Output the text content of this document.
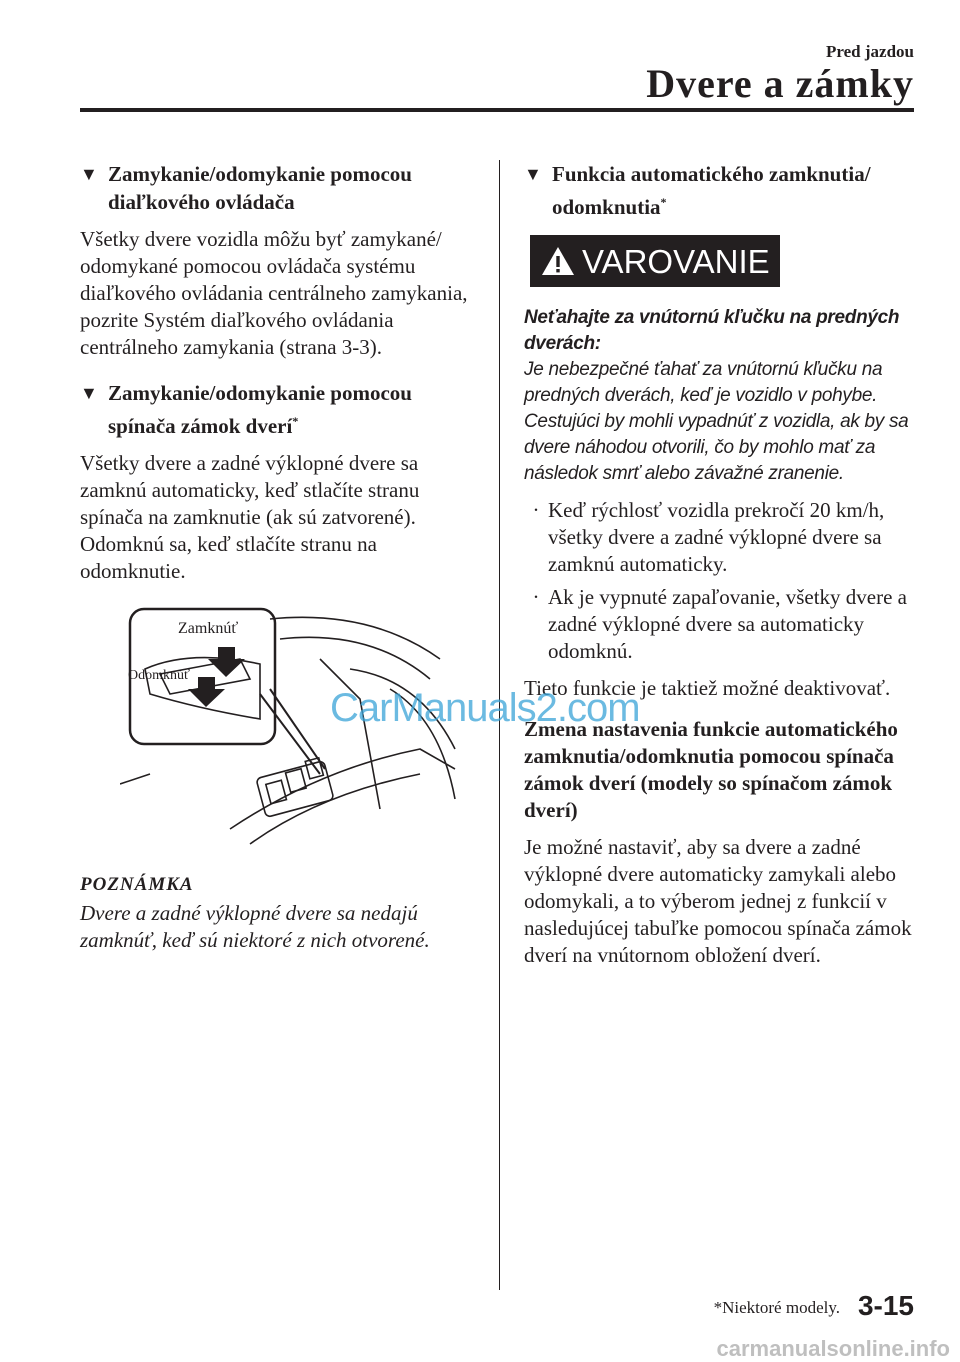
Pred jazdou
Dvere a zámky
▼ Zamykanie/odomykanie pomocou
diaľkového ovládača
Všetky dvere vozidla môžu byť zamykané/ odomykané pomocou ovládača systému diaľkového ovládania centrálneho zamykania, pozrite Systém diaľkového ovládania centrálneho zamykania (strana 3-3).
▼ Zamykanie/odomykanie pomocou
spínača zámok dverí*
Všetky dvere a zadné výklopné dvere sa zamknú automaticky, keď stlačíte stranu spínača na zamknutie (ak sú zatvorené). Odomknú sa, keď stlačíte stranu na odomknutie.
Zamknúť
Odomknúť
POZNÁMKA
Dvere a zadné výklopné dvere sa nedajú zamknúť, keď sú niektoré z nich otvorené.
▼ Funkcia automatického zamknutia/
odomknutia*
VAROVANIE
Neťahajte za vnútornú kľučku na predných dverách:
Je nebezpečné ťahať za vnútornú kľučku na predných dverách, keď je vozidlo v pohybe. Cestujúci by mohli vypadnúť z vozidla, ak by sa dvere náhodou otvorili, čo by mohlo mať za následok smrť alebo závažné zranenie.
· Keď rýchlosť vozidla prekročí 20 km/h, všetky dvere a zadné výklopné dvere sa zamknú automaticky.
· Ak je vypnuté zapaľovanie, všetky dvere a zadné výklopné dvere sa automaticky odomknú.
Tieto funkcie je taktiež možné deaktivovať.
Zmena nastavenia funkcie automatického zamknutia/odomknutia pomocou spínača zámok dverí (modely so spínačom zámok dverí)
Je možné nastaviť, aby sa dvere a zadné výklopné dvere automaticky zamykali alebo odomykali, a to výberom jednej z funkcií v nasledujúcej tabuľke pomocou spínača zámok dverí na vnútornom obložení dverí.
CarManuals2.com
*Niektoré modely. 3-15
carmanualsonline.info
